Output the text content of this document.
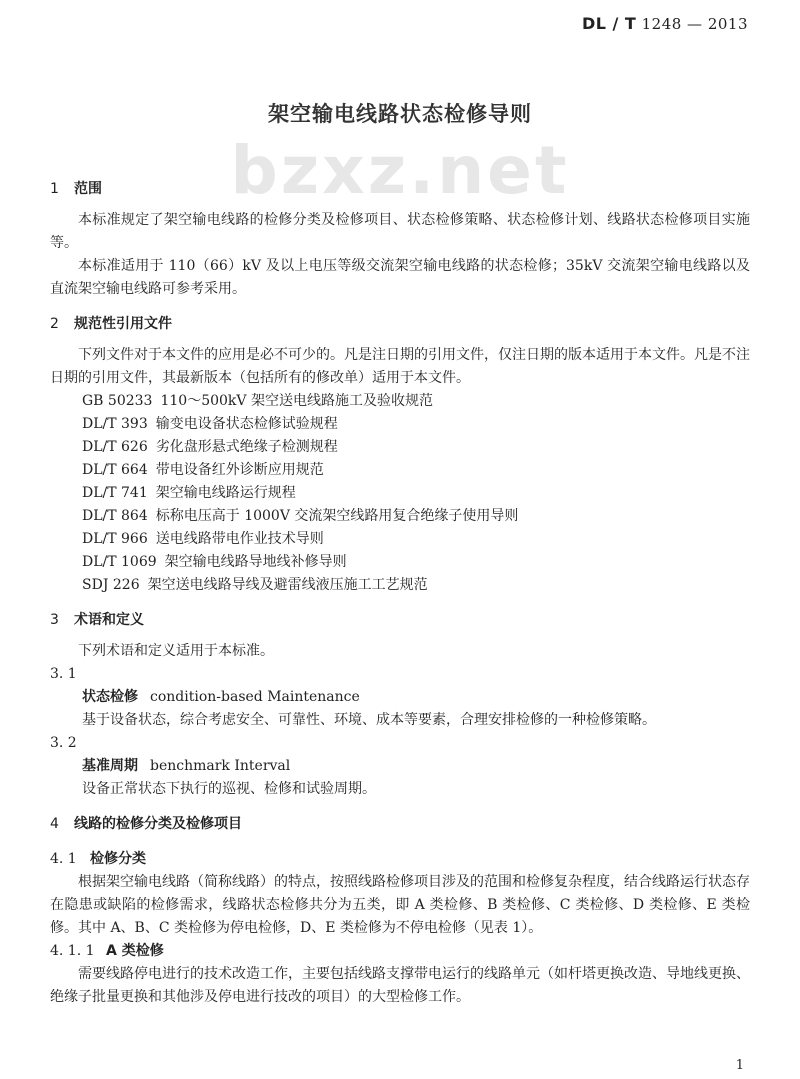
DL / T 1248 — 2013
架空输电线路状态检修导则
bzxz.net
1 范围

本标准规定了架空输电线路的检修分类及检修项目、状态检修策略、状态检修计划、线路状态检修项目实施等。

本标准适用于 110（66）kV 及以上电压等级交流架空输电线路的状态检修；35kV 交流架空输电线路以及直流架空输电线路可参考采用。

2 规范性引用文件

下列文件对于本文件的应用是必不可少的。凡是注日期的引用文件，仅注日期的版本适用于本文件。凡是不注日期的引用文件，其最新版本（包括所有的修改单）适用于本文件。

GB 50233 110～500kV 架空送电线路施工及验收规范

DL/T 393 输变电设备状态检修试验规程

DL/T 626 劣化盘形悬式绝缘子检测规程

DL/T 664 带电设备红外诊断应用规范

DL/T 741 架空输电线路运行规程

DL/T 864 标称电压高于 1000V 交流架空线路用复合绝缘子使用导则

DL/T 966 送电线路带电作业技术导则

DL/T 1069 架空输电线路导地线补修导则

SDJ 226 架空送电线路导线及避雷线液压施工工艺规范

3 术语和定义

下列术语和定义适用于本标准。

3. 1

状态检修 condition-based Maintenance

基于设备状态，综合考虑安全、可靠性、环境、成本等要素，合理安排检修的一种检修策略。

3. 2

基准周期 benchmark Interval

设备正常状态下执行的巡视、检修和试验周期。

4 线路的检修分类及检修项目
4. 1 检修分类

根据架空输电线路（简称线路）的特点，按照线路检修项目涉及的范围和检修复杂程度，结合线路运行状态存在隐患或缺陷的检修需求，线路状态检修共分为五类，即 A 类检修、B 类检修、C 类检修、D 类检修、E 类检修。其中 A、B、C 类检修为停电检修，D、E 类检修为不停电检修（见表 1）。

4. 1. 1 A 类检修

需要线路停电进行的技术改造工作，主要包括线路支撑带电运行的线路单元（如杆塔更换改造、导地线更换、绝缘子批量更换和其他涉及停电进行技改的项目）的大型检修工作。

1
